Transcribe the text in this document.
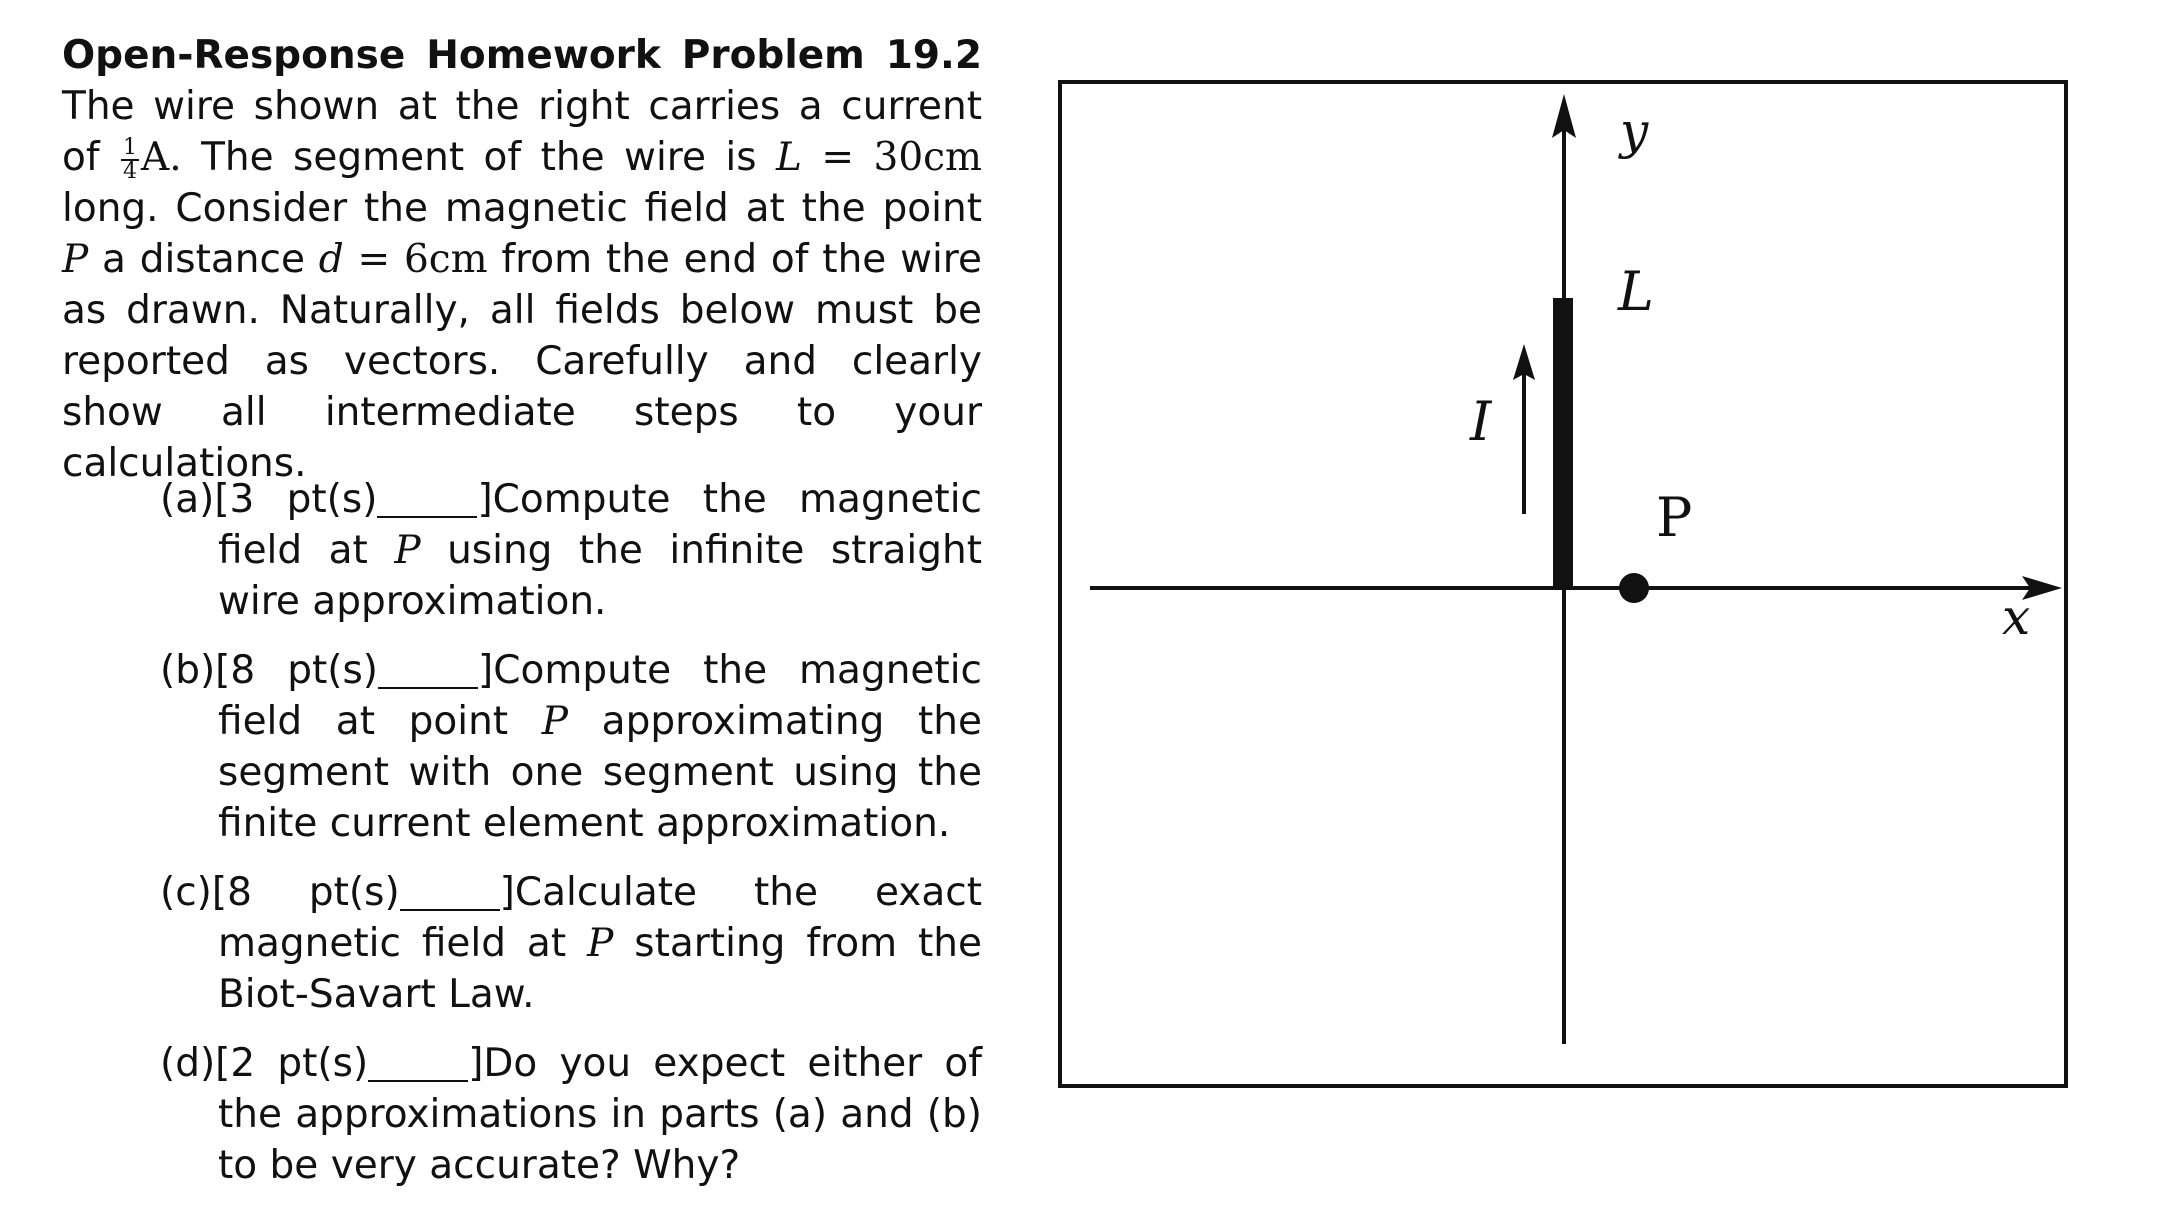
Open-Response Homework Problem 19.2 The wire shown at the right carries a current of $\frac{1}{4} A$. The segment of the wire is L = 30cm long. Consider the magnetic field at the point P a distance d = 6cm from the end of the wire as drawn. Naturally, all fields below must be reported as vectors. Carefully and clearly show all intermediate steps to your calculations.
(a)[3 pt(s)	]Compute the magnetic field at P using the infinite straight wire approximation.
(b)[8 pt(s)	]Compute the magnetic field at point P approximating the segment with one segment using the finite current element approximation.
(c)[8 pt(s)	]Calculate the exact magnetic field at P starting from the Biot-Savart Law.
(d)[2 pt(s)	]Do you expect either of the approximations in parts (a) and (b) to be very accurate? Why?
y
x
L
I
P
